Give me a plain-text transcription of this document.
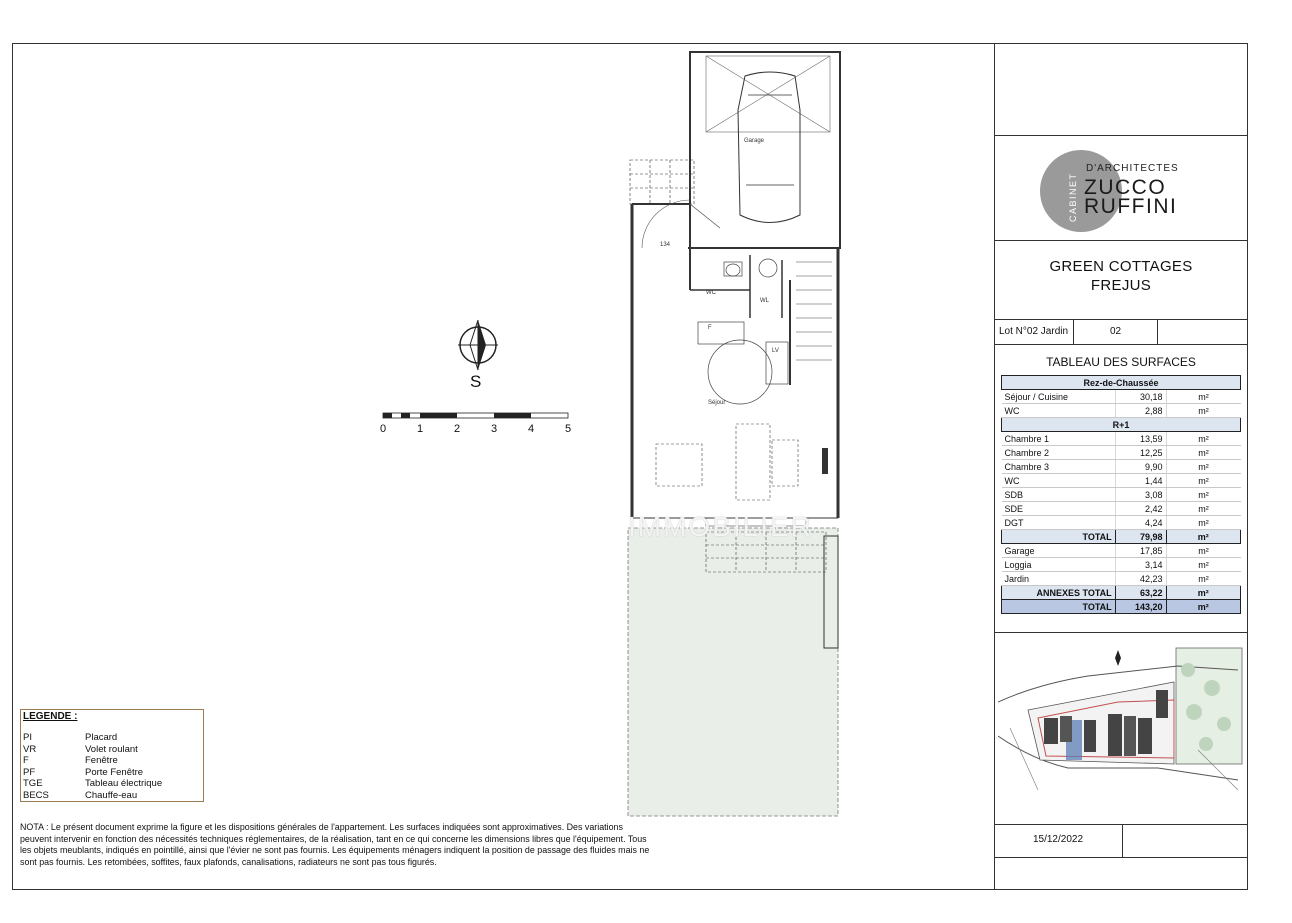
CABINET
D'ARCHITECTES
ZUCCO
RUFFINI
GREEN COTTAGES
FREJUS
Lot N°02 Jardin	02
TABLEAU DES SURFACES
Rez-de-Chaussée		
Séjour / Cuisine	30,18	m²
WC	2,88	m²
R+1		
Chambre 1	13,59	m²
Chambre 2	12,25	m²
Chambre 3	9,90	m²
WC	1,44	m²
SDB	3,08	m²
SDE	2,42	m²
DGT	4,24	m²
TOTAL	79,98	m²
Garage	17,85	m²
Loggia	3,14	m²
Jardin	42,23	m²
ANNEXES TOTAL	63,22	m²
TOTAL	143,20	m²
15/12/2022
Garage
WC
Séjour
134
F
LV
WL
IMMOBILIER
S
0	1	2	3	4	5
LEGENDE :
PI	Placard
VR	Volet roulant
F	Fenêtre
PF	Porte Fenêtre
TGE	Tableau électrique
BECS	Chauffe-eau
NOTA : Le présent document exprime la figure et les dispositions générales de l'appartement. Les surfaces indiquées sont approximatives. Des variations peuvent intervenir en fonction des nécessités techniques réglementaires, de la réalisation, tant en ce qui concerne les dimensions libres que l'équipement. Tous les objets meublants, indiqués en pointillé, ainsi que l'évier ne sont pas fournis. Les équipements ménagers indiquent la position de passage des fluides mais ne sont pas fournis. Les retombées, soffites, faux plafonds, canalisations, radiateurs ne sont pas tous figurés.
